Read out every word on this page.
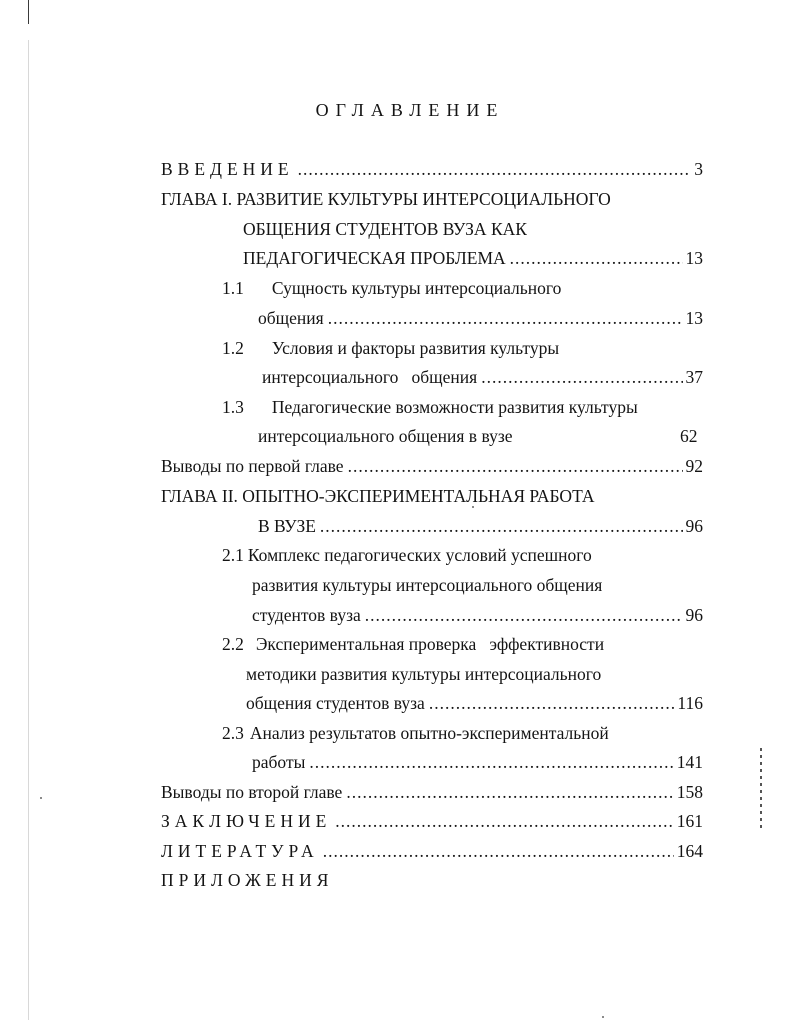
ОГЛАВЛЕНИЕ
ВВЕДЕНИЕ .....	3
ГЛАВА I. РАЗВИТИЕ КУЛЬТУРЫ ИНТЕРСОЦИАЛЬНОГО
ОБЩЕНИЯ СТУДЕНТОВ ВУЗА КАК
ПЕДАГОГИЧЕСКАЯ ПРОБЛЕМА .....	13
1.1 Сущность культуры интерсоциального
общения .....	13
1.2 Условия и факторы развития культуры
интерсоциального   общения .....	37
1.3 Педагогические возможности развития культуры
интерсоциального общения в вузе	62
Выводы по первой главе .....	92
ГЛАВА II. ОПЫТНО-ЭКСПЕРИМЕНТАЛЬНАЯ РАБОТА
В ВУЗЕ .....	96
2.1 Комплекс педагогических условий успешного
развития культуры интерсоциального общения
студентов вуза .....	96
2.2 Экспериментальная проверка   эффективности
методики развития культуры интерсоциального
общения студентов вуза .....	116
2.3 Анализ результатов опытно-экспериментальной
работы .....	141
Выводы по второй главе .....	158
ЗАКЛЮЧЕНИЕ .....	161
ЛИТЕРАТУРА .....	164
ПРИЛОЖЕНИЯ
